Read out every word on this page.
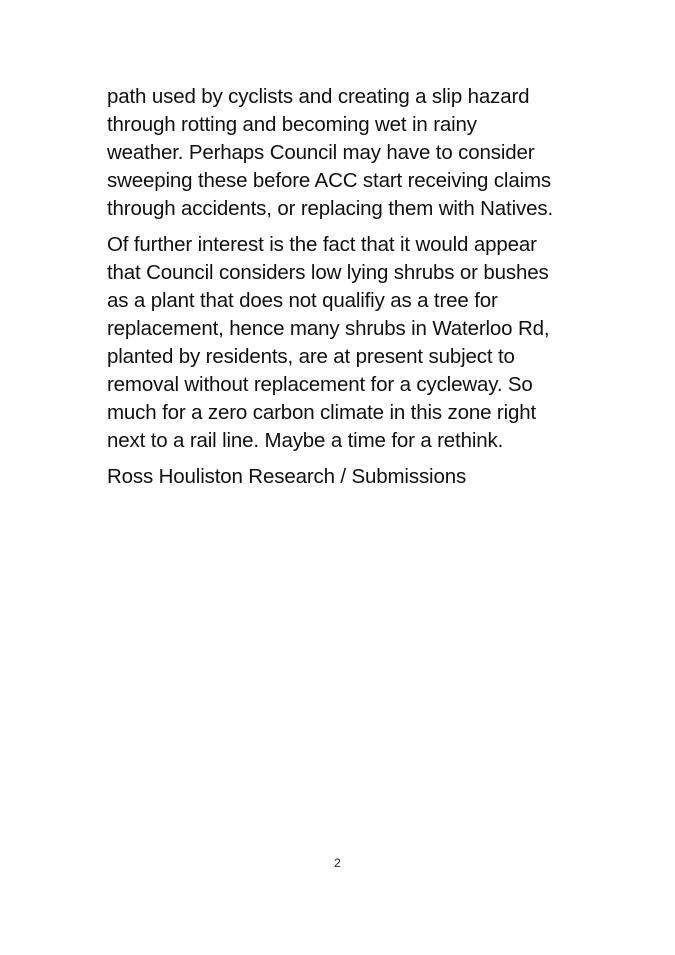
path used by cyclists and creating a slip hazard
through rotting and becoming wet in rainy
weather. Perhaps Council may have to consider
sweeping these before ACC start receiving claims
through accidents, or replacing them with Natives.

Of further interest is the fact that it would appear
that Council considers low lying shrubs or bushes
as a plant that does not qualifiy as a tree for
replacement, hence many shrubs in Waterloo Rd,
planted by residents, are at present subject to
removal without replacement for a cycleway. So
much for a zero carbon climate in this zone right
next to a rail line. Maybe a time for a rethink.

Ross Houliston Research / Submissions

2
